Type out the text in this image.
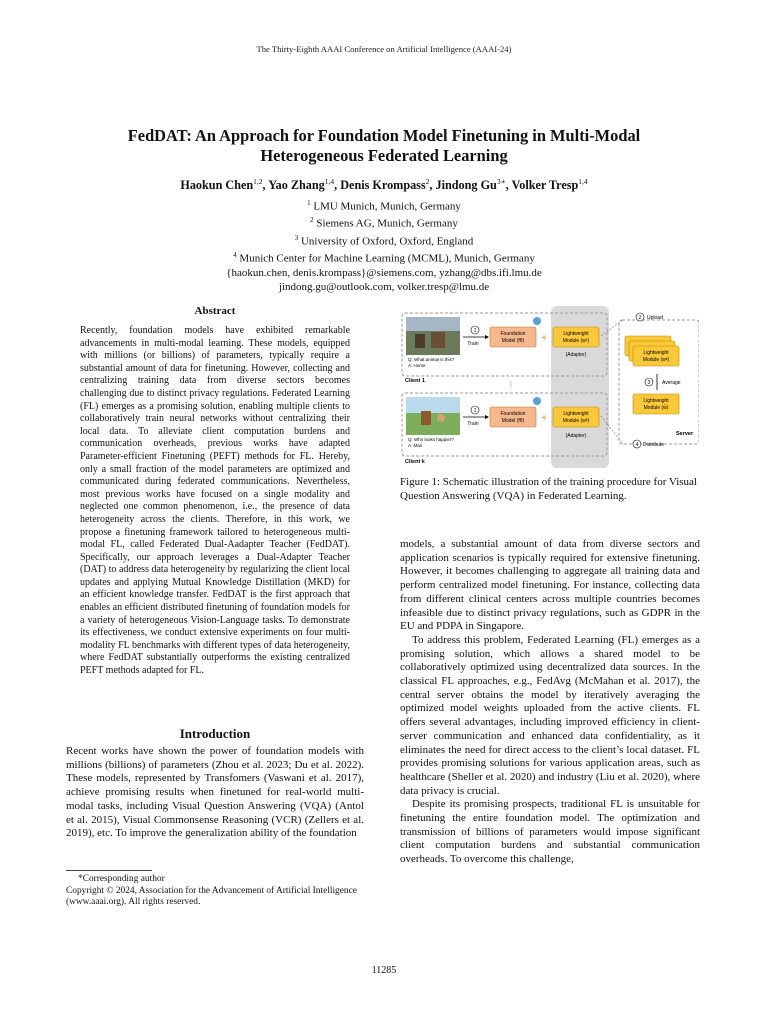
The Thirty-Eighth AAAI Conference on Artificial Intelligence (AAAI-24)
FedDAT: An Approach for Foundation Model Finetuning in Multi-Modal
Heterogeneous Federated Learning
Haokun Chen$^{1,2}$, Yao Zhang$^{1,4}$, Denis Krompass$^2$, Jindong $Gu^{3∗}$, Volker Tresp$^{1,4}$
$^1$ LMU Munich, Munich, Germany
$^2$ Siemens AG, Munich, Germany
$^3$ University of Oxford, Oxford, England
$^4$ Munich Center for Machine Learning (MCML), Munich, Germany
{haokun.chen, denis.krompass}@siemens.com, yzhang@dbs.ifi.lmu.de
jindong.gu@outlook.com, volker.tresp@lmu.de
Abstract
Recently, foundation models have exhibited remarkable advancements in multi-modal learning. These models, equipped with millions (or billions) of parameters, typically require a substantial amount of data for finetuning. However, collecting and centralizing training data from diverse sectors becomes challenging due to distinct privacy regulations. Federated Learning (FL) emerges as a promising solution, enabling multiple clients to collaboratively train neural networks without centralizing their local data. To alleviate client computation burdens and communication overheads, previous works have adapted Parameter-efficient Finetuning (PEFT) methods for FL. Hereby, only a small fraction of the model parameters are optimized and communicated during federated communications. Nevertheless, most previous works have focused on a single modality and neglected one common phenomenon, i.e., the presence of data heterogeneity across the clients. Therefore, in this work, we propose a finetuning framework tailored to heterogeneous multi-modal FL, called Federated Dual-Aadapter Teacher (FedDAT). Specifically, our approach leverages a Dual-Adapter Teacher (DAT) to address data heterogeneity by regularizing the client local updates and applying Mutual Knowledge Distillation (MKD) for an efficient knowledge transfer. FedDAT is the first approach that enables an efficient distributed finetuning of foundation models for a variety of heterogeneous Vision-Language tasks. To demonstrate its effectiveness, we conduct extensive experiments on four multi-modality FL benchmarks with different types of data heterogeneity, where FedDAT substantially outperforms the existing centralized PEFT methods adapted for FL.
Introduction
Recent works have shown the power of foundation models with millions (billions) of parameters (Zhou et al. 2023; Du et al. 2022). These models, represented by Transfomers (Vaswani et al. 2017), achieve promising results when finetuned for real-world multi-modal tasks, including Visual Question Answering (VQA) (Antol et al. 2015), Visual Commonsense Reasoning (VCR) (Zellers et al. 2019), etc. To improve the generalization ability of the foundation
*Corresponding author
Copyright © 2024, Association for the Advancement of Artificial Intelligence (www.aaai.org). All rights reserved.
Q: What animal is this?
A: Horse
Client 1
Q: Who looks happier?
A: Man
Client k
1
Train
Foundation
Model (fθ) +	Lightweight
Module (w¹)
(Adapter)
⋮
1
Train
Foundation
Model (fθ) +	Lightweight
Module (wᵏ)
(Adapter)
2 Upload
Lightweight
Module (wᵏ)
3 Average
Lightweight
Module (w̄)
Server
4 Distribute
Figure 1: Schematic illustration of the training procedure for Visual Question Answering (VQA) in Federated Learning.

models, a substantial amount of data from diverse sectors and application scenarios is typically required for extensive finetuning. However, it becomes challenging to aggregate all training data and perform centralized model finetuning. For instance, collecting data from different clinical centers across multiple countries becomes infeasible due to distinct privacy regulations, such as GDPR in the EU and PDPA in Singapore.

To address this problem, Federated Learning (FL) emerges as a promising solution, which allows a shared model to be collaboratively optimized using decentralized data sources. In the classical FL approaches, e.g., FedAvg (McMahan et al. 2017), the central server obtains the model by iteratively averaging the optimized model weights uploaded from the active clients. FL offers several advantages, including improved efficiency in client-server communication and enhanced data confidentiality, as it eliminates the need for direct access to the client’s local dataset. FL provides promising solutions for various application areas, such as healthcare (Sheller et al. 2020) and industry (Liu et al. 2020), where data privacy is crucial.

Despite its promising prospects, traditional FL is unsuitable for finetuning the entire foundation model. The optimization and transmission of billions of parameters would impose significant client computation burdens and substantial communication overheads. To overcome this challenge,

11285
